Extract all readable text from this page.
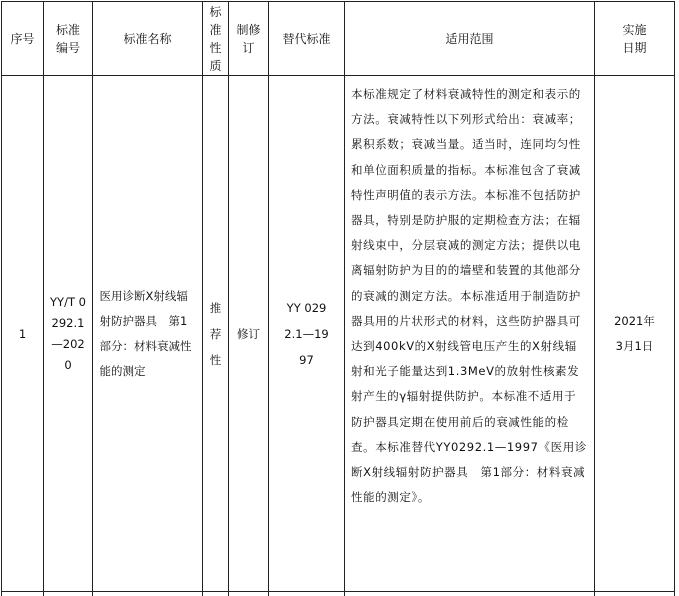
序号	标准编号	标准名称	标准性质	制修订	替代标准	适用范围	实施日期
1	YY/T 0292.1—2020	医用诊断X射线辐射防护器具　第1部分：材料衰减性能的测定	推荐性	修订	YY 0292.1—1997	本标准规定了材料衰减特性的测定和表示的方法。衰减特性以下列形式给出：衰减率；累积系数；衰减当量。适当时，连同均匀性和单位面积质量的指标。本标准包含了衰减特性声明值的表示方法。本标准不包括防护器具，特别是防护服的定期检查方法；在辐射线束中，分层衰减的测定方法；提供以电离辐射防护为目的的墙壁和装置的其他部分的衰减的测定方法。本标准适用于制造防护器具用的片状形式的材料，这些防护器具可达到400kV的X射线管电压产生的X射线辐射和光子能量达到1.3MeV的放射性核素发射产生的γ辐射提供防护。本标准不适用于防护器具定期在使用前后的衰减性能的检查。本标准替代YY0292.1—1997《医用诊断X射线辐射防护器具　第1部分：材料衰减性能的测定》。	2021年3月1日
